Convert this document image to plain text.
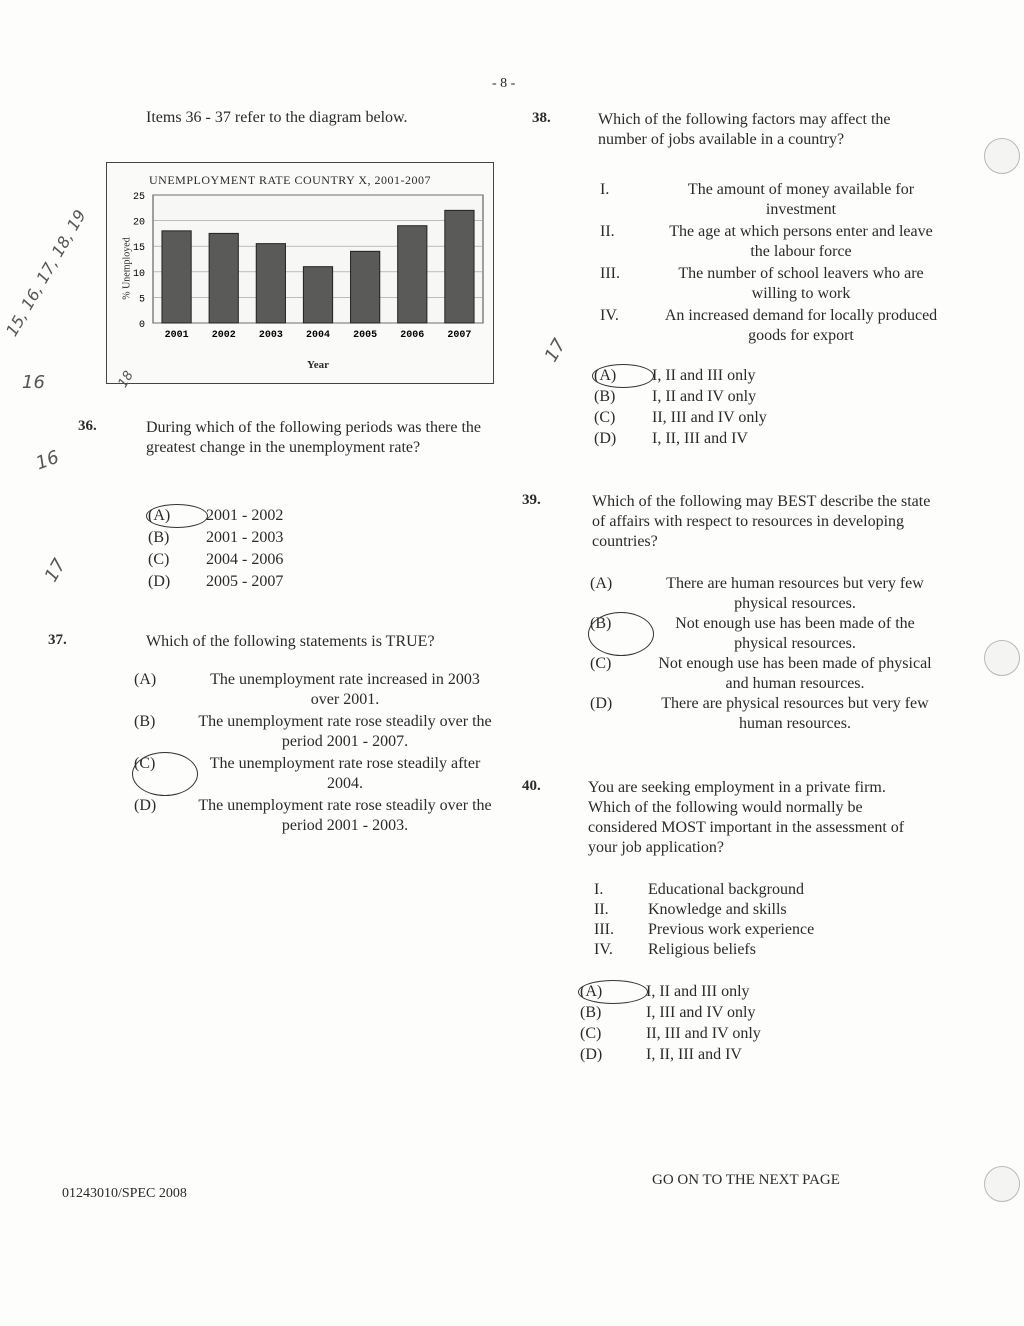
- 8 -
Items 36 - 37 refer to the diagram below.
UNEMPLOYMENT RATE COUNTRY X, 2001-2007
0
5
10
15
20
25
2001 2002 2003 2004 2005 2006 2007
% Unemployed
Year
36.	During which of the following periods was there the greatest change in the unemployment rate?
(A)	2001 - 2002
(B)	2001 - 2003
(C)	2004 - 2006
(D)	2005 - 2007
37.	Which of the following statements is TRUE?
(A)	The unemployment rate increased in 2003 over 2001.
(B)	The unemployment rate rose steadily over the period 2001 - 2007.
(C)	The unemployment rate rose steadily after 2004.
(D)	The unemployment rate rose steadily over the period 2001 - 2003.
38.	Which of the following factors may affect the number of jobs available in a country?
I.	The amount of money available for investment
II.	The age at which persons enter and leave the labour force
III.	The number of school leavers who are willing to work
IV.	An increased demand for locally produced goods for export
(A)	I, II and III only
(B)	I, II and IV only
(C)	II, III and IV only
(D)	I, II, III and IV
39.	Which of the following may BEST describe the state of affairs with respect to resources in developing countries?
(A)	There are human resources but very few physical resources.
(B)	Not enough use has been made of the physical resources.
(C)	Not enough use has been made of physical and human resources.
(D)	There are physical resources but very few human resources.
40.	You are seeking employment in a private firm. Which of the following would normally be considered MOST important in the assessment of your job application?
I.	Educational background
II.	Knowledge and skills
III.	Previous work experience
IV.	Religious beliefs
(A)	I, II and III only
(B)	I, III and IV only
(C)	II, III and IV only
(D)	I, II, III and IV
01243010/SPEC 2008
GO ON TO THE NEXT PAGE
15, 16, 17, 18, 19
16	18
16
17
17
